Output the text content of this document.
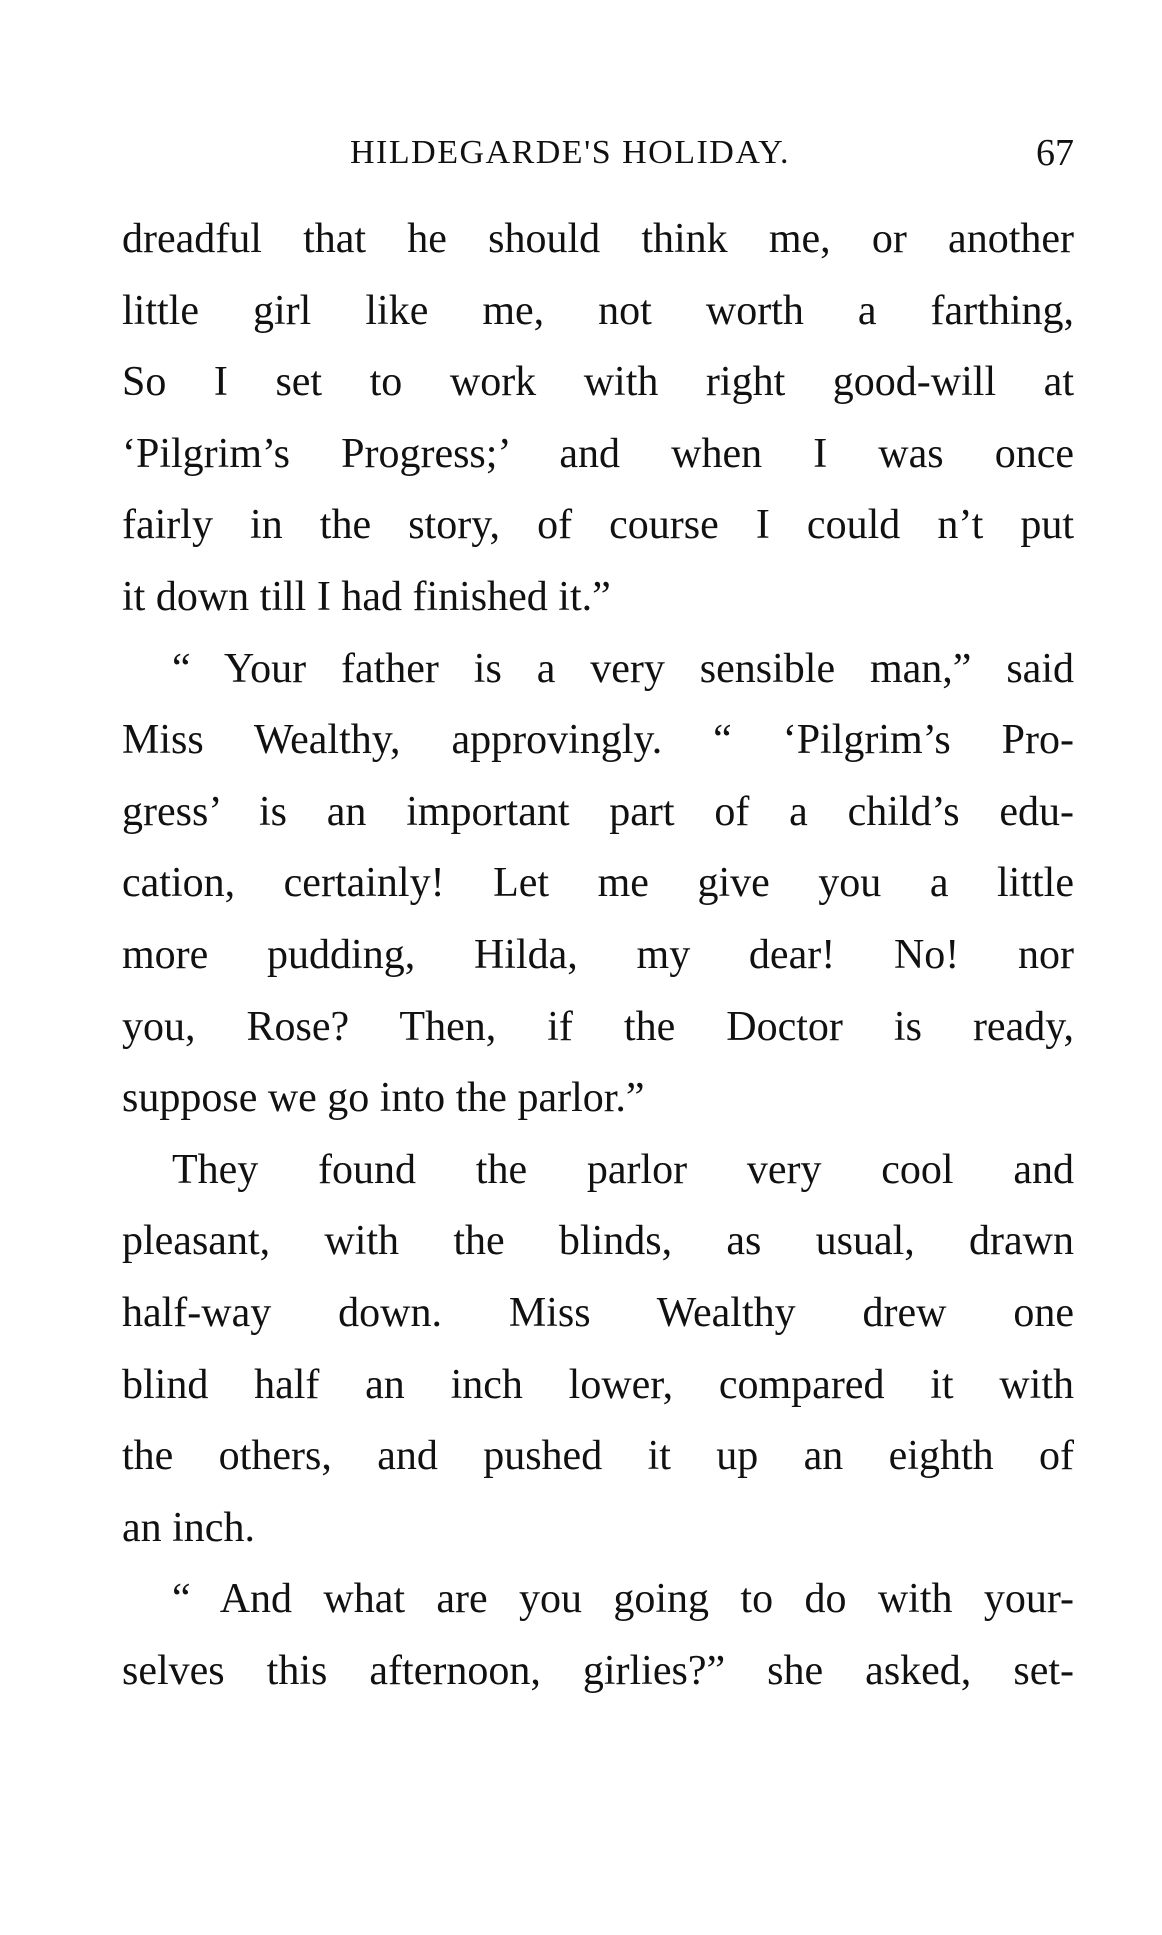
HILDEGARDE'S HOLIDAY.	67
dreadful that he should think me, or another
little girl like me, not worth a farthing,
So I set to work with right good-will at
‘Pilgrim’s Progress;’ and when I was once
fairly in the story, of course I could n’t put
it down till I had finished it.”
“ Your father is a very sensible man,” said
Miss Wealthy, approvingly. “ ‘Pilgrim’s Pro-
gress’ is an important part of a child’s edu-
cation, certainly! Let me give you a little
more pudding, Hilda, my dear! No! nor
you, Rose? Then, if the Doctor is ready,
suppose we go into the parlor.”
They found the parlor very cool and
pleasant, with the blinds, as usual, drawn
half-way down. Miss Wealthy drew one
blind half an inch lower, compared it with
the others, and pushed it up an eighth of
an inch.
“ And what are you going to do with your-
selves this afternoon, girlies?” she asked, set-
